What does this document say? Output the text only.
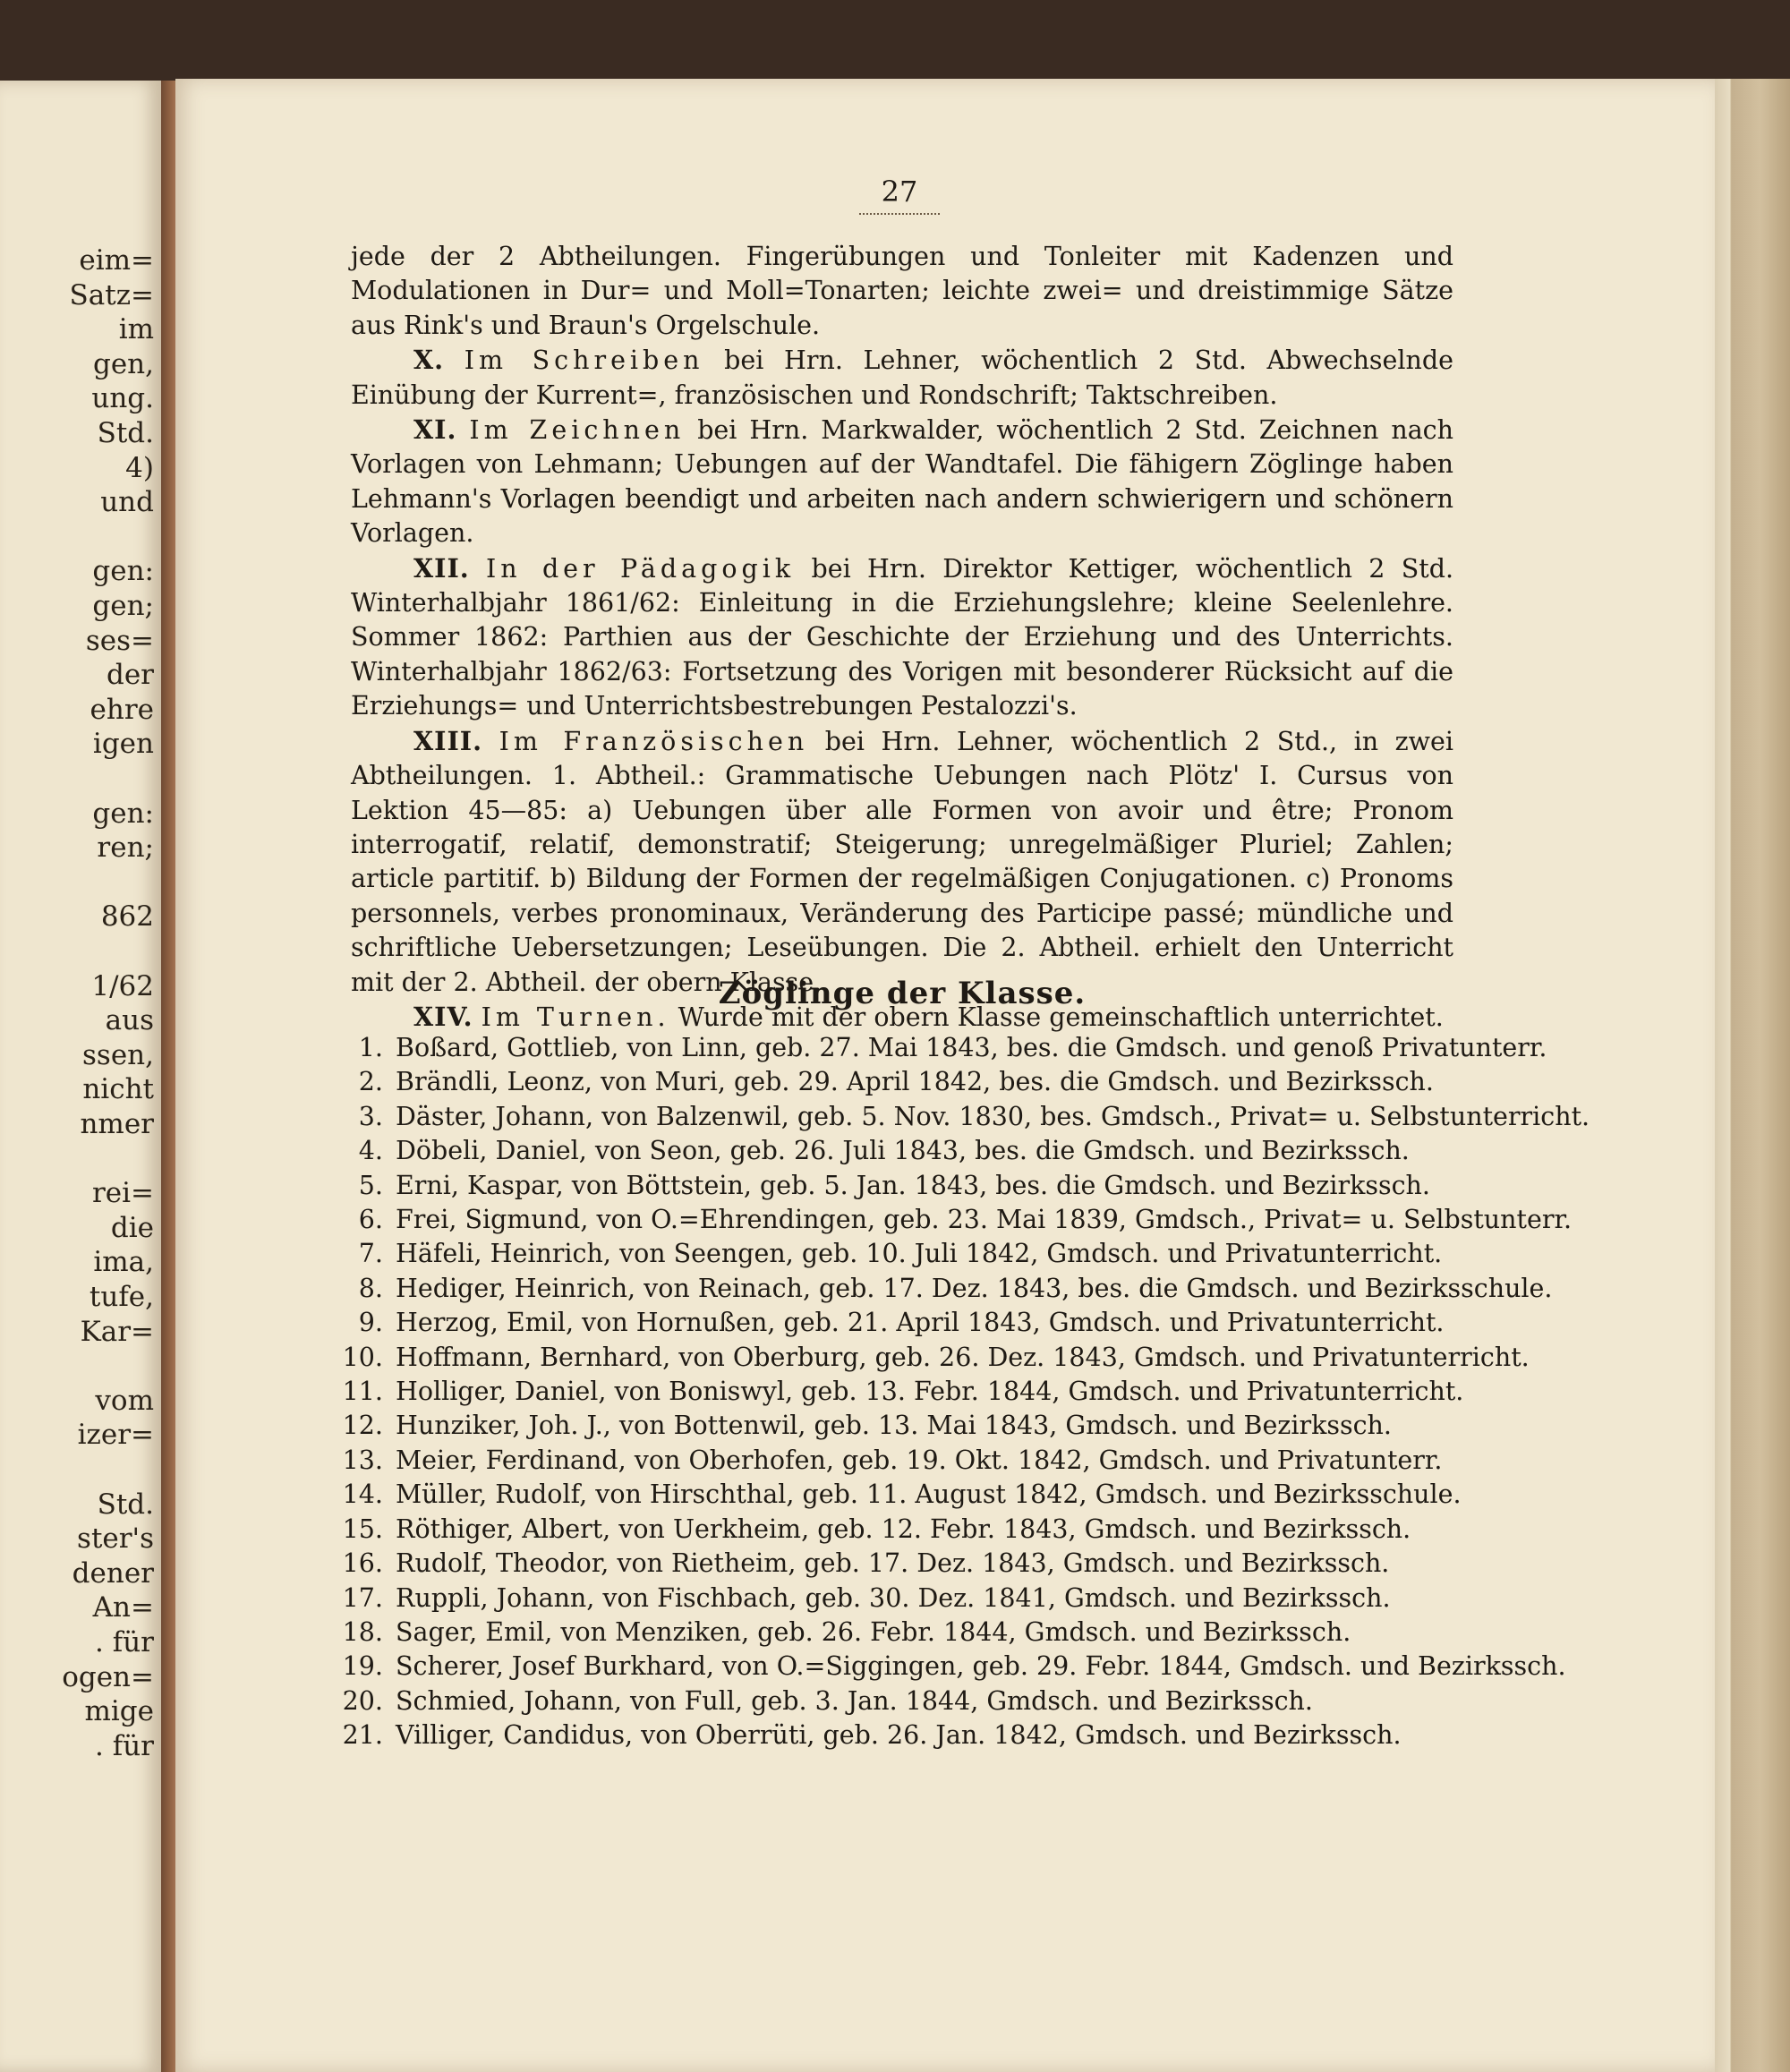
eim=
Satz=
im
gen,
ung.
Std.
4)
und
gen:
gen;
ses=
der
ehre
igen
gen:
ren;
862
1/62
aus
ssen,
nicht
nmer
rei=
die
ima,
tufe,
Kar=
vom
izer=
Std.
ster's
dener
An=
. für
ogen=
mige
. für
27

jede der 2 Abtheilungen. Fingerübungen und Tonleiter mit Kadenzen und Modulationen in Dur= und Moll=Tonarten; leichte zwei= und dreistimmige Sätze aus Rink's und Braun's Orgelschule.

X. Im Schreiben bei Hrn. Lehner, wöchentlich 2 Std. Abwechselnde Einübung der Kurrent=, französischen und Rondschrift; Taktschreiben.

XI. Im Zeichnen bei Hrn. Markwalder, wöchentlich 2 Std. Zeichnen nach Vorlagen von Lehmann; Uebungen auf der Wandtafel. Die fähigern Zöglinge haben Lehmann's Vorlagen beendigt und arbeiten nach andern schwierigern und schönern Vorlagen.

XII. In der Pädagogik bei Hrn. Direktor Kettiger, wöchentlich 2 Std. Winterhalbjahr 1861/62: Einleitung in die Erziehungslehre; kleine Seelenlehre. Sommer 1862: Parthien aus der Geschichte der Erziehung und des Unterrichts. Winterhalbjahr 1862/63: Fortsetzung des Vorigen mit besonderer Rücksicht auf die Erziehungs= und Unterrichtsbestrebungen Pestalozzi's.

XIII. Im Französischen bei Hrn. Lehner, wöchentlich 2 Std., in zwei Abtheilungen. 1. Abtheil.: Grammatische Uebungen nach Plötz' I. Cursus von Lektion 45—85: a) Uebungen über alle Formen von avoir und être; Pronom interrogatif, relatif, demonstratif; Steigerung; unregelmäßiger Pluriel; Zahlen; article partitif. b) Bildung der Formen der regelmäßigen Conjugationen. c) Pronoms personnels, verbes pronominaux, Veränderung des Participe passé; mündliche und schriftliche Uebersetzungen; Leseübungen. Die 2. Abtheil. erhielt den Unterricht mit der 2. Abtheil. der obern Klasse.

XIV. Im Turnen. Wurde mit der obern Klasse gemeinschaftlich unterrichtet.

Zöglinge der Klasse.
1. Boßard, Gottlieb, von Linn, geb. 27. Mai 1843, bes. die Gmdsch. und genoß Privatunterr.
2. Brändli, Leonz, von Muri, geb. 29. April 1842, bes. die Gmdsch. und Bezirkssch.
3. Däster, Johann, von Balzenwil, geb. 5. Nov. 1830, bes. Gmdsch., Privat= u. Selbstunterricht.
4. Döbeli, Daniel, von Seon, geb. 26. Juli 1843, bes. die Gmdsch. und Bezirkssch.
5. Erni, Kaspar, von Böttstein, geb. 5. Jan. 1843, bes. die Gmdsch. und Bezirkssch.
6. Frei, Sigmund, von O.=Ehrendingen, geb. 23. Mai 1839, Gmdsch., Privat= u. Selbstunterr.
7. Häfeli, Heinrich, von Seengen, geb. 10. Juli 1842, Gmdsch. und Privatunterricht.
8. Hediger, Heinrich, von Reinach, geb. 17. Dez. 1843, bes. die Gmdsch. und Bezirksschule.
9. Herzog, Emil, von Hornußen, geb. 21. April 1843, Gmdsch. und Privatunterricht.
10. Hoffmann, Bernhard, von Oberburg, geb. 26. Dez. 1843, Gmdsch. und Privatunterricht.
11. Holliger, Daniel, von Boniswyl, geb. 13. Febr. 1844, Gmdsch. und Privatunterricht.
12. Hunziker, Joh. J., von Bottenwil, geb. 13. Mai 1843, Gmdsch. und Bezirkssch.
13. Meier, Ferdinand, von Oberhofen, geb. 19. Okt. 1842, Gmdsch. und Privatunterr.
14. Müller, Rudolf, von Hirschthal, geb. 11. August 1842, Gmdsch. und Bezirksschule.
15. Röthiger, Albert, von Uerkheim, geb. 12. Febr. 1843, Gmdsch. und Bezirkssch.
16. Rudolf, Theodor, von Rietheim, geb. 17. Dez. 1843, Gmdsch. und Bezirkssch.
17. Ruppli, Johann, von Fischbach, geb. 30. Dez. 1841, Gmdsch. und Bezirkssch.
18. Sager, Emil, von Menziken, geb. 26. Febr. 1844, Gmdsch. und Bezirkssch.
19. Scherer, Josef Burkhard, von O.=Siggingen, geb. 29. Febr. 1844, Gmdsch. und Bezirkssch.
20. Schmied, Johann, von Full, geb. 3. Jan. 1844, Gmdsch. und Bezirkssch.
21. Villiger, Candidus, von Oberrüti, geb. 26. Jan. 1842, Gmdsch. und Bezirkssch.
